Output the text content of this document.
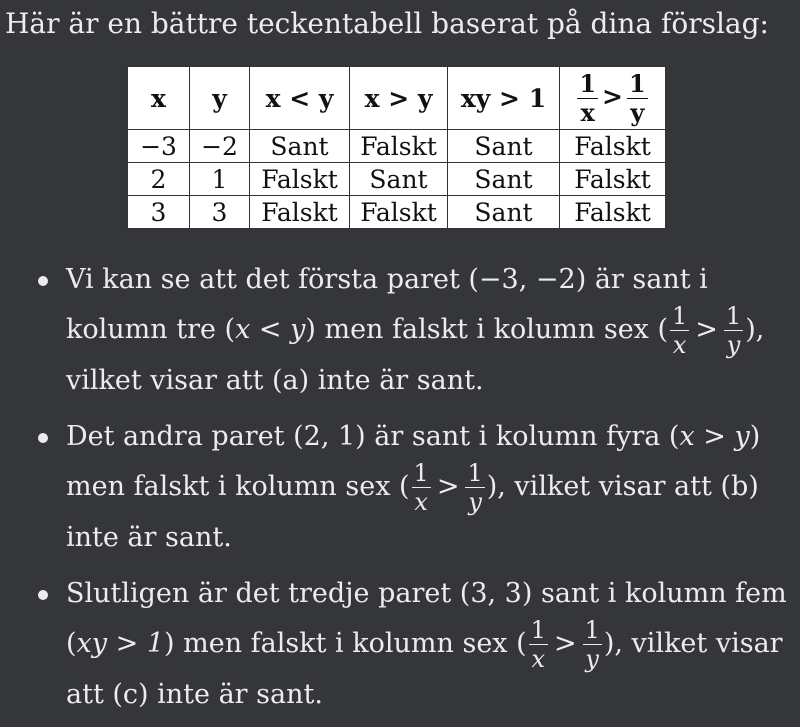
Här är en bättre teckentabell baserat på dina förslag:

x	y	x < y	x > y	xy > 1	$\frac{1}{x} > \frac{1}{y}$

−3	−2	Sant	Falskt	Sant	Falskt
2	1	Falskt	Sant	Sant	Falskt
3	3	Falskt	Falskt	Sant	Falskt
Vi kan se att det första paret (−3, −2) är sant i kolumn tre (x < y) men falskt i kolumn sex ( $\frac{1}{x} > \frac{1}{y}$ ), vilket visar att (a) inte är sant.
Det andra paret (2, 1) är sant i kolumn fyra (x > y) men falskt i kolumn sex ( $\frac{1}{x} > \frac{1}{y}$ ), vilket visar att (b) inte är sant.
Slutligen är det tredje paret (3, 3) sant i kolumn fem (xy > 1) men falskt i kolumn sex ( $\frac{1}{x} > \frac{1}{y}$ ), vilket visar att (c) inte är sant.
